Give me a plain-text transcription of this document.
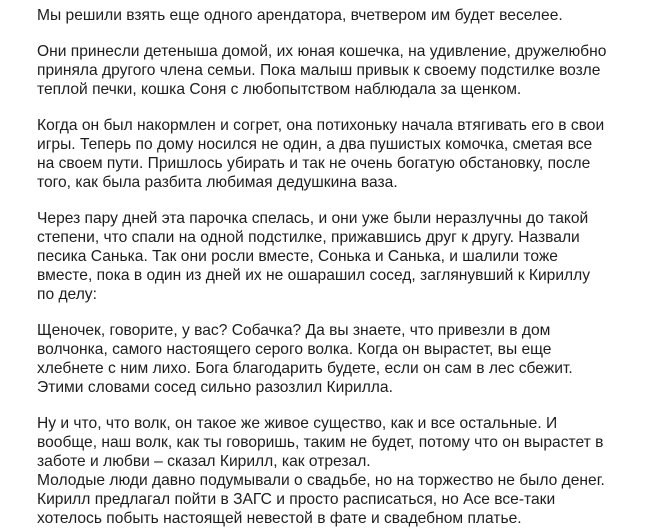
Мы решили взять еще одного арендатора, вчетвером им будет веселее.

Они принесли детеныша домой, их юная кошечка, на удивление, дружелюбно
приняла другого члена семьи. Пока малыш привык к своему подстилке возле
теплой печки, кошка Соня с любопытством наблюдала за щенком.

Когда он был накормлен и согрет, она потихоньку начала втягивать его в свои
игры. Теперь по дому носился не один, а два пушистых комочка, сметая все
на своем пути. Пришлось убирать и так не очень богатую обстановку, после
того, как была разбита любимая дедушкина ваза.

Через пару дней эта парочка спелась, и они уже были неразлучны до такой
степени, что спали на одной подстилке, прижавшись друг к другу. Назвали
песика Санька. Так они росли вместе, Сонька и Санька, и шалили тоже
вместе, пока в один из дней их не ошарашил сосед, заглянувший к Кириллу
по делу:

Щеночек, говорите, у вас? Собачка? Да вы знаете, что привезли в дом
волчонка, самого настоящего серого волка. Когда он вырастет, вы еще
хлебнете с ним лихо. Бога благодарить будете, если он сам в лес сбежит.
Этими словами сосед сильно разозлил Кирилла.

Ну и что, что волк, он такое же живое существо, как и все остальные. И
вообще, наш волк, как ты говоришь, таким не будет, потому что он вырастет в
заботе и любви – сказал Кирилл, как отрезал.
Молодые люди давно подумывали о свадьбе, но на торжество не было денег.
Кирилл предлагал пойти в ЗАГС и просто расписаться, но Асе все-таки
хотелось побыть настоящей невестой в фате и свадебном платье.
